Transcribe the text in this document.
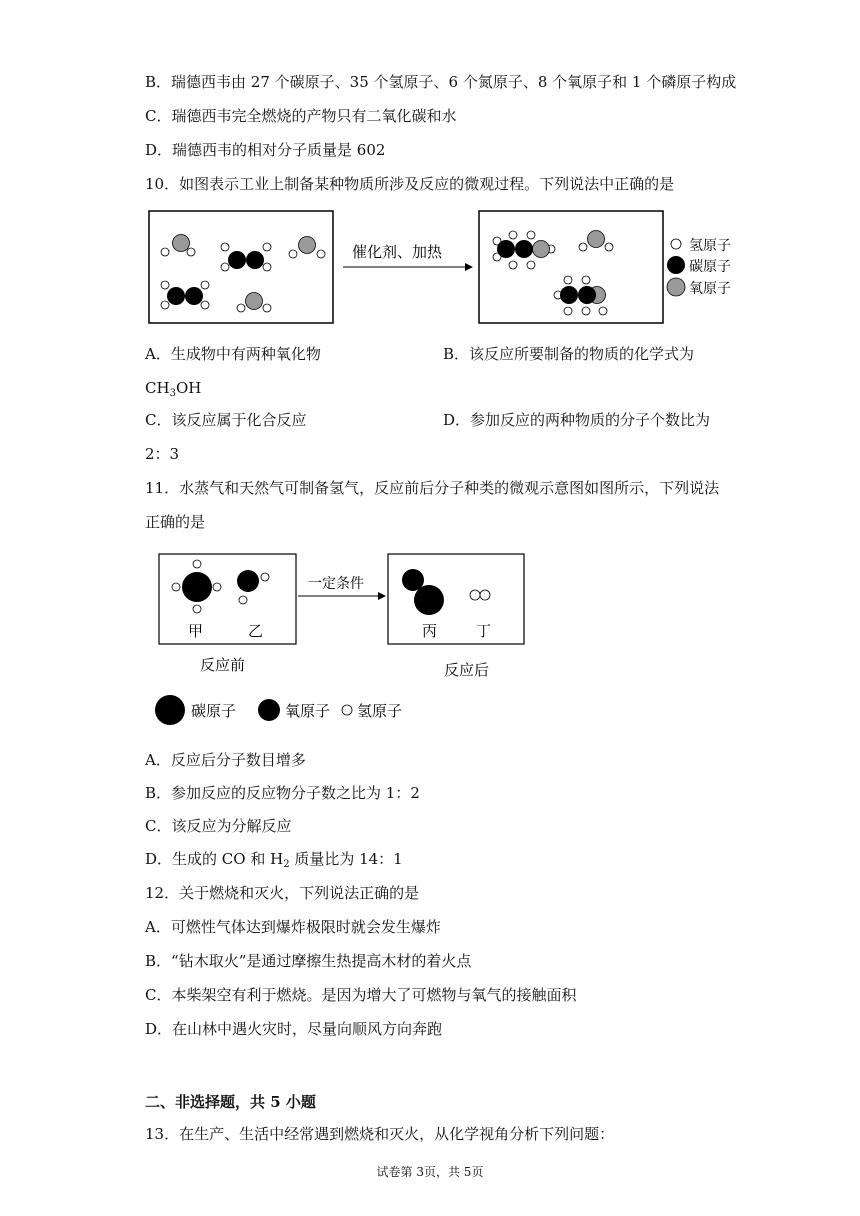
B．瑞德西韦由 27 个碳原子、35 个氢原子、6 个氮原子、8 个氧原子和 1 个磷原子构成
C．瑞德西韦完全燃烧的产物只有二氧化碳和水
D．瑞德西韦的相对分子质量是 602
10．如图表示工业上制备某种物质所涉及反应的微观过程。下列说法中正确的是
催化剂、加热	氢原子
碳原子
氧原子
A．生成物中有两种氧化物	B．该反应所要制备的物质的化学式为
$CH_3OH$
C．该反应属于化合反应	D．参加反应的两种物质的分子个数比为
2：3
11．水蒸气和天然气可制备氢气，反应前后分子种类的微观示意图如图所示，下列说法
正确的是
甲	乙
反应前
一定条件
丙	丁
反应后
碳原子	氧原子 氢原子
A．反应后分子数目增多
B．参加反应的反应物分子数之比为 1：2
C．该反应为分解反应
D．生成的 CO 和 $H_2$ 质量比为 14：1
12．关于燃烧和灭火，下列说法正确的是
A．可燃性气体达到爆炸极限时就会发生爆炸
B．“钻木取火”是通过摩擦生热提高木材的着火点
C．本柴架空有利于燃烧。是因为增大了可燃物与氧气的接触面积
D．在山林中遇火灾时，尽量向顺风方向奔跑
二、非选择题，共 5 小题
13．在生产、生活中经常遇到燃烧和灭火，从化学视角分析下列问题：
试卷第 3页，共 5页
